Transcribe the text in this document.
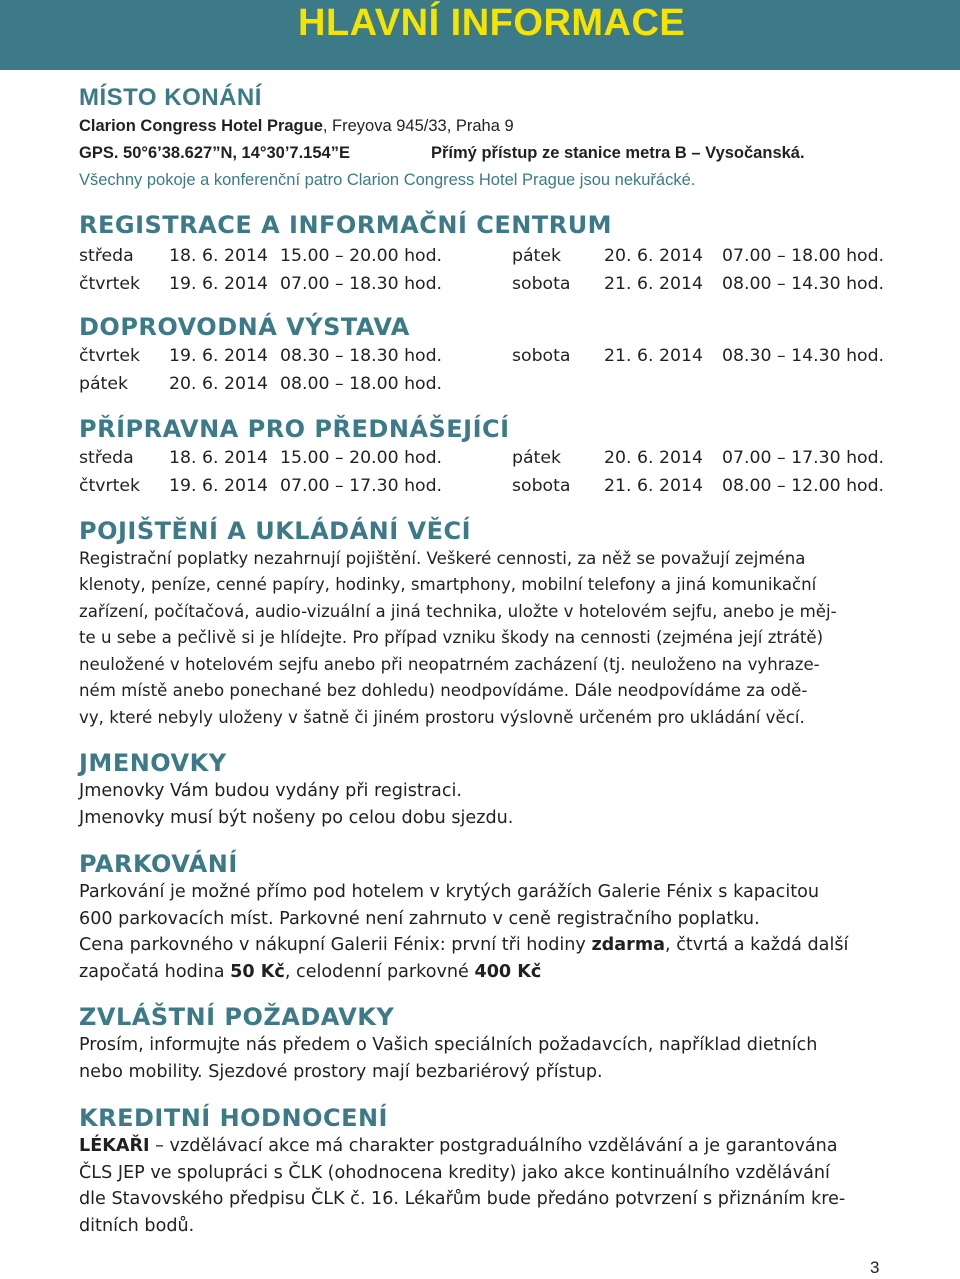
HLAVNÍ INFORMACE
MÍSTO KONÁNÍ
Clarion Congress Hotel Prague, Freyova 945/33, Praha 9
GPS. 50°6’38.627”N, 14°30’7.154”E	Přímý přístup ze stanice metra B – Vysočanská.
Všechny pokoje a konferenční patro Clarion Congress Hotel Prague jsou nekuřácké.
REGISTRACE A INFORMAČNÍ CENTRUM
středa 18. 6. 2014 15.00 – 20.00 hod.	pátek 20. 6. 2014 07.00 – 18.00 hod.
čtvrtek 19. 6. 2014 07.00 – 18.30 hod.	sobota 21. 6. 2014 08.00 – 14.30 hod.
DOPROVODNÁ VÝSTAVA
čtvrtek 19. 6. 2014 08.30 – 18.30 hod.	sobota 21. 6. 2014 08.30 – 14.30 hod.
pátek 20. 6. 2014 08.00 – 18.00 hod.
PŘÍPRAVNA PRO PŘEDNÁŠEJÍCÍ
středa 18. 6. 2014 15.00 – 20.00 hod.	pátek 20. 6. 2014 07.00 – 17.30 hod.
čtvrtek 19. 6. 2014 07.00 – 17.30 hod.	sobota 21. 6. 2014 08.00 – 12.00 hod.
POJIŠTĚNÍ A UKLÁDÁNÍ VĚCÍ
Registrační poplatky nezahrnují pojištění. Veškeré cennosti, za něž se považují zejména
klenoty, peníze, cenné papíry, hodinky, smartphony, mobilní telefony a jiná komunikační
zařízení, počítačová, audio-vizuální a jiná technika, uložte v hotelovém sejfu, anebo je měj-
te u sebe a pečlivě si je hlídejte. Pro případ vzniku škody na cennosti (zejména její ztrátě)
neuložené v hotelovém sejfu anebo při neopatrném zacházení (tj. neuloženo na vyhraze-
ném místě anebo ponechané bez dohledu) neodpovídáme. Dále neodpovídáme za odě-
vy, které nebyly uloženy v šatně či jiném prostoru výslovně určeném pro ukládání věcí.
JMENOVKY
Jmenovky Vám budou vydány při registraci.
Jmenovky musí být nošeny po celou dobu sjezdu.
PARKOVÁNÍ
Parkování je možné přímo pod hotelem v krytých garážích Galerie Fénix s kapacitou
600 parkovacích míst. Parkovné není zahrnuto v ceně registračního poplatku.
Cena parkovného v nákupní Galerii Fénix: první tři hodiny zdarma, čtvrtá a každá další
započatá hodina 50 Kč, celodenní parkovné 400 Kč
ZVLÁŠTNÍ POŽADAVKY
Prosím, informujte nás předem o Vašich speciálních požadavcích, například dietních
nebo mobility. Sjezdové prostory mají bezbariérový přístup.
KREDITNÍ HODNOCENÍ
LÉKAŘI – vzdělávací akce má charakter postgraduálního vzdělávání a je garantována
ČLS JEP ve spolupráci s ČLK (ohodnocena kredity) jako akce kontinuálního vzdělávání
dle Stavovského předpisu ČLK č. 16. Lékařům bude předáno potvrzení s přiznáním kre-
ditních bodů.
3
